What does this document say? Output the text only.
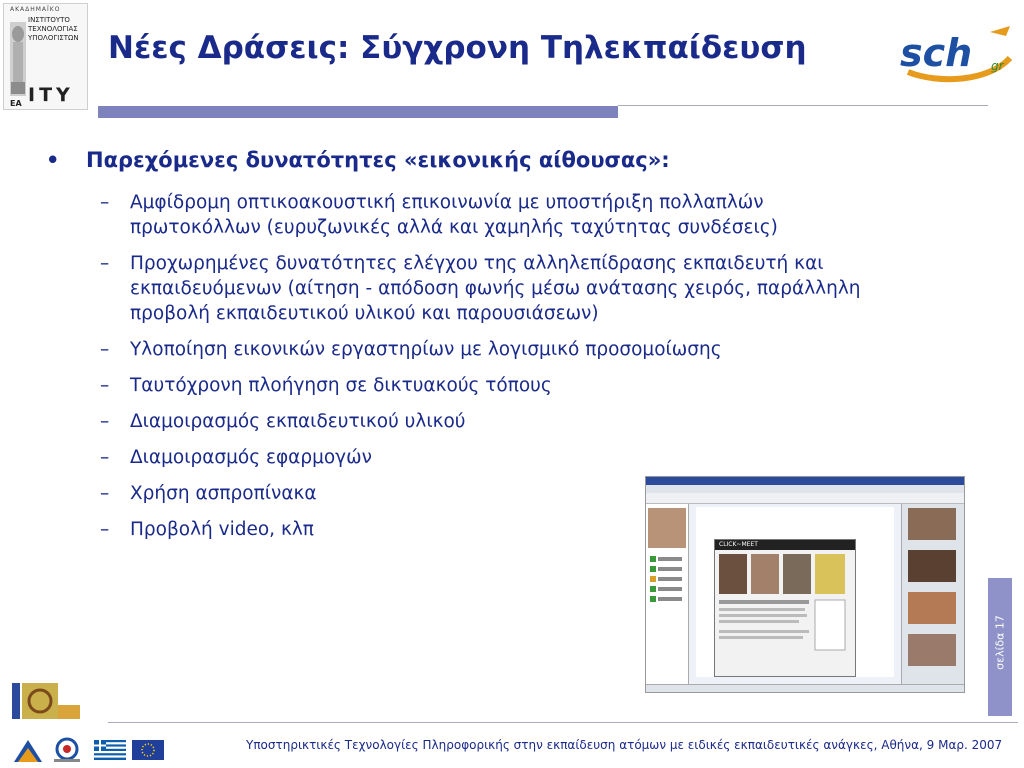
ΑΚΑΔΗΜΑΪΚΟ
ΙΝΣΤΙΤΟΥΤΟ
ΤΕΧΝΟΛΟΓΙΑΣ
ΥΠΟΛΟΓΙΣΤΩΝ
ΕΑ ΙΤΥ
Νέες Δράσεις: Σύγχρονη Τηλεκπαίδευση sch gr
• Παρεχόμενες δυνατότητες «εικονικής αίθουσας»:
– Αμφίδρομη οπτικοακουστική επικοινωνία με υποστήριξη πολλαπλών πρωτοκόλλων (ευρυζωνικές αλλά και χαμηλής ταχύτητας συνδέσεις)
– Προχωρημένες δυνατότητες ελέγχου της αλληλεπίδρασης εκπαιδευτή και εκπαιδευόμενων (αίτηση - απόδοση φωνής μέσω ανάτασης χειρός, παράλληλη προβολή εκπαιδευτικού υλικού και παρουσιάσεων)
– Υλοποίηση εικονικών εργαστηρίων με λογισμικό προσομοίωσης
– Ταυτόχρονη πλοήγηση σε δικτυακούς τόπους
– Διαμοιρασμός εκπαιδευτικού υλικού
– Διαμοιρασμός εφαρμογών
– Χρήση ασπροπίνακα
– Προβολή video, κλπ
CLICK~MEET
σελίδα 17
Υποστηρικτικές Τεχνολογίες Πληροφορικής στην εκπαίδευση ατόμων με ειδικές εκπαιδευτικές ανάγκες, Αθήνα, 9 Μαρ. 2007
